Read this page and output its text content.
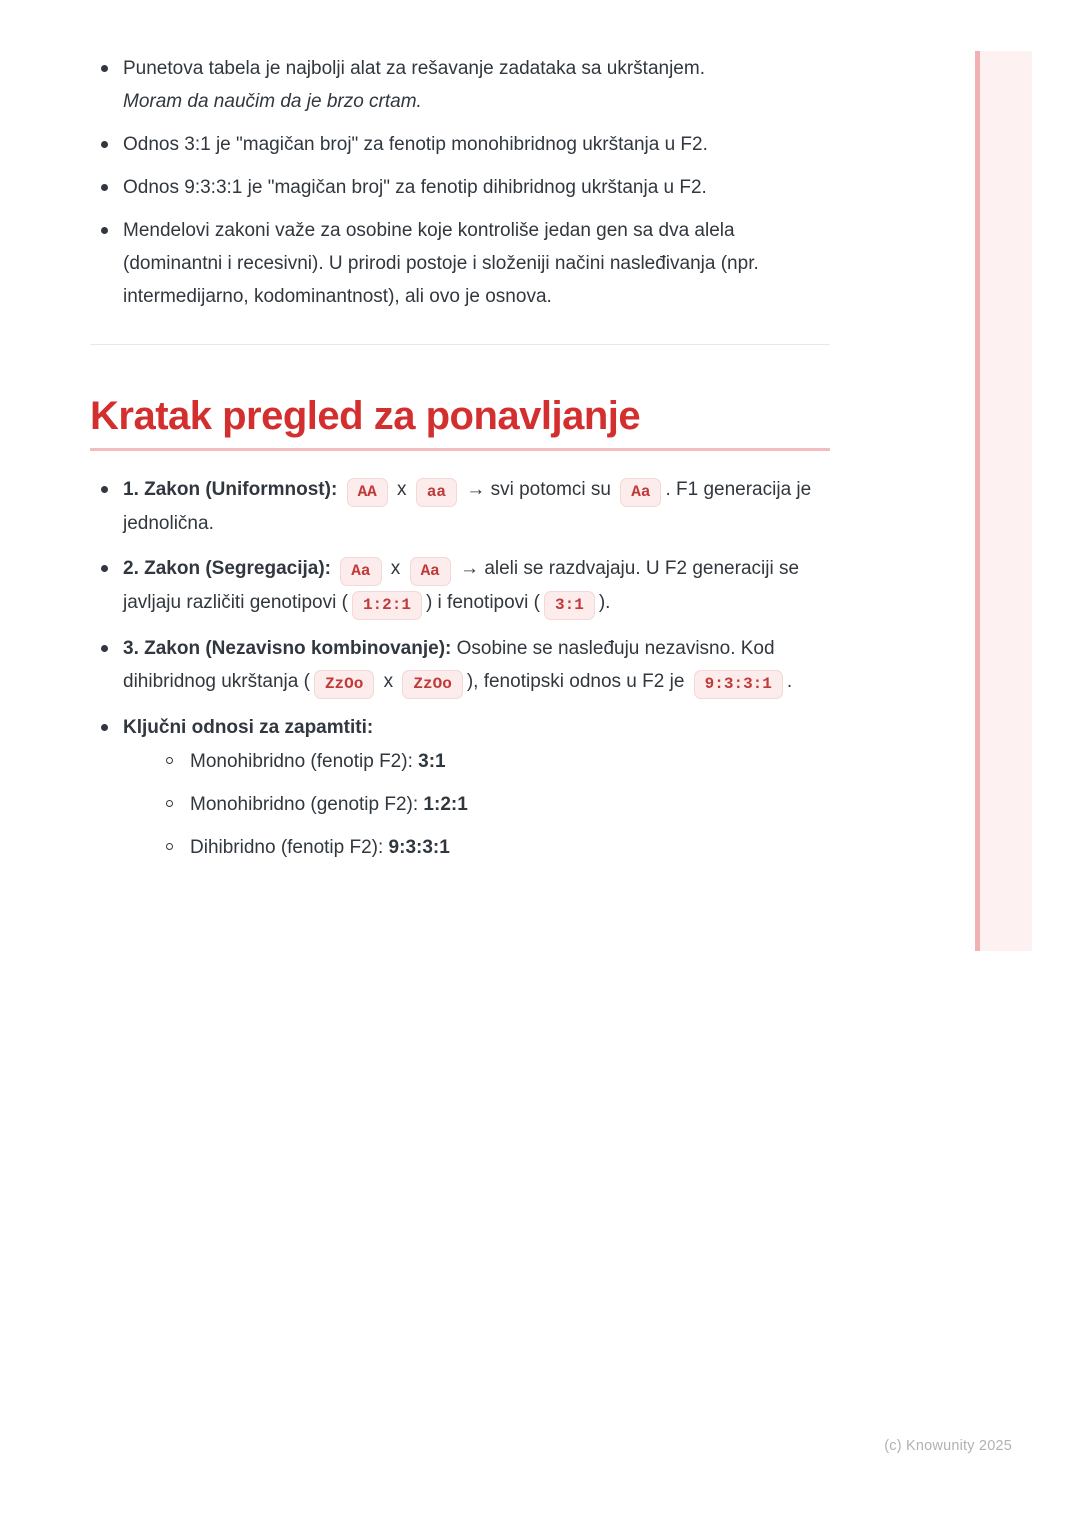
Punetova tabela je najbolji alat za rešavanje zadataka sa ukrštanjem.
Moram da naučim da je brzo crtam.
Odnos 3:1 je "magičan broj" za fenotip monohibridnog ukrštanja u F2.
Odnos 9:3:3:1 je "magičan broj" za fenotip dihibridnog ukrštanja u F2.
Mendelovi zakoni važe za osobine koje kontroliše jedan gen sa dva alela (dominantni i recesivni). U prirodi postoje i složeniji načini nasleđivanja (npr. intermedijarno, kodominantnost), ali ovo je osnova.
Kratak pregled za ponavljanje
1. Zakon (Uniformnost): AA x aa → svi potomci su Aa . F1 generacija je jednolična.
2. Zakon (Segregacija): Aa x Aa → aleli se razdvajaju. U F2 generaciji se javljaju različiti genotipovi ( 1:2:1 ) i fenotipovi ( 3:1 ).
3. Zakon (Nezavisno kombinovanje): Osobine se nasleđuju nezavisno. Kod dihibridnog ukrštanja ( ZzOo x ZzOo ), fenotipski odnos u F2 je 9:3:3:1 .
Ključni odnosi za zapamtiti:
Monohibridno (fenotip F2): 3:1
Monohibridno (genotip F2): 1:2:1
Dihibridno (fenotip F2): 9:3:3:1
(c) Knowunity 2025
